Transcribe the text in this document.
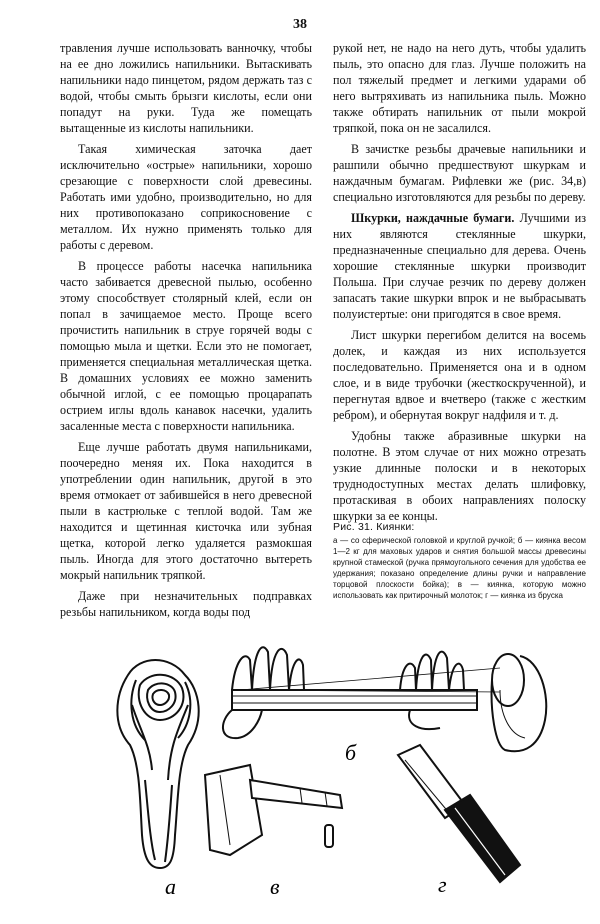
38

травления лучше использовать ванночку, чтобы на ее дно ложились напильники. Вытаскивать напильники надо пинцетом, рядом держать таз с водой, чтобы смыть брызги кислоты, если они попадут на руки. Туда же помещать вытащенные из кислоты напильники.

Такая химическая заточка дает исключительно «острые» напильники, хорошо срезающие с поверхности слой древесины. Работать ими удобно, производительно, но для них противопоказано соприкосновение с металлом. Их нужно применять только для работы с деревом.

В процессе работы насечка напильника часто забивается древесной пылью, особенно этому способствует столярный клей, если он попал в зачищаемое место. Проще всего прочистить напильник в струе горячей воды с помощью мыла и щетки. Если это не помогает, применяется специальная металлическая щетка. В домашних условиях ее можно заменить обычной иглой, с ее помощью процарапать острием иглы вдоль канавок насечки, удалить засаленные места с поверхности напильника.

Еще лучше работать двумя напильниками, поочередно меняя их. Пока находится в употреблении один напильник, другой в это время отмокает от забившейся в него древесной пыли в кастрюльке с теплой водой. Там же находится и щетинная кисточка или зубная щетка, которой легко удаляется размокшая пыль. Иногда для этого достаточно вытереть мокрый напильник тряпкой.

Даже при незначительных подправках резьбы напильником, когда воды под

рукой нет, не надо на него дуть, чтобы удалить пыль, это опасно для глаз. Лучше положить на пол тяжелый предмет и легкими ударами об него вытряхивать из напильника пыль. Можно также обтирать напильник от пыли мокрой тряпкой, пока он не засалился.

В зачистке резьбы драчевые напильники и рашпили обычно предшествуют шкуркам и наждачным бумагам. Рифлевки же (рис. 34,в) специально изготовляются для резьбы по дереву.

Шкурки, наждачные бумаги. Лучшими из них являются стеклянные шкурки, предназначенные специально для дерева. Очень хорошие стеклянные шкурки производит Польша. При случае резчик по дереву должен запасать такие шкурки впрок и не выбрасывать полуистертые: они пригодятся в свое время.

Лист шкурки перегибом делится на восемь долек, и каждая из них используется последовательно. Применяется она и в одном слое, и в виде трубочки (жесткоскрученной), и перегнутая вдвое и вчетверо (также с жестким ребром), и обернутая вокруг надфиля и т. д.

Удобны также абразивные шкурки на полотне. В этом случае от них можно отрезать узкие длинные полоски и в некоторых труднодоступных местах делать шлифовку, протаскивая в обоих направлениях полоску шкурки за ее концы.

Рис. 31. Киянки:
а — со сферической головкой и круглой ручкой; б — киянка весом 1—2 кг для маховых ударов и снятия большой массы древесины крупной стамеской (ручка прямоугольного сечения для удобства ее удержания; показано определение длины ручки и направление торцовой плоскости бойка); в — киянка, которую можно использовать как притирочный молоток; г — киянка из бруска
а
б
в	г
